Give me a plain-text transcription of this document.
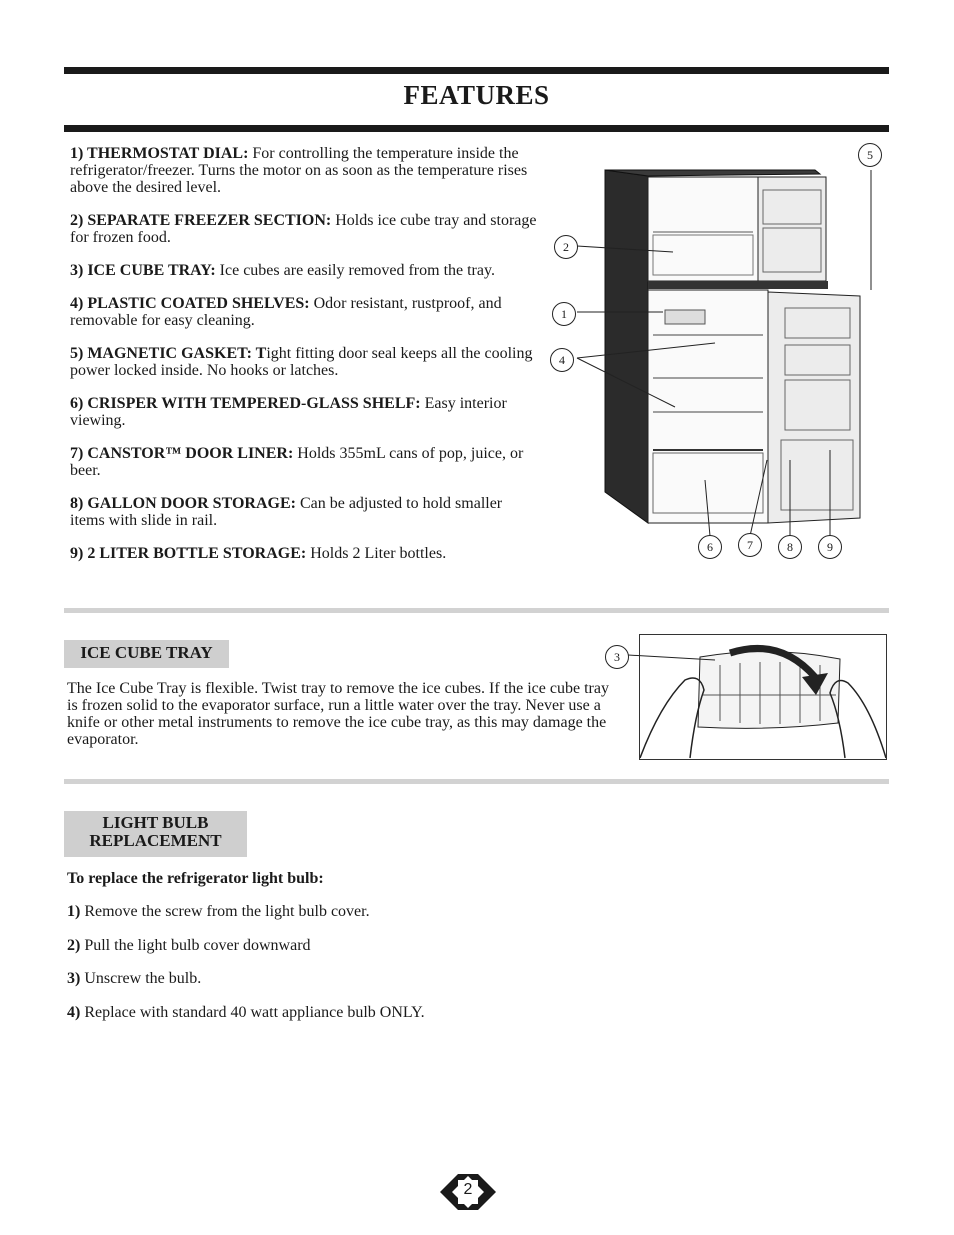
FEATURES

1) THERMOSTAT DIAL: For controlling the temperature inside the refrigerator/freezer. Turns the motor on as soon as the temperature rises above the desired level.

2) SEPARATE FREEZER SECTION: Holds ice cube tray and storage for frozen food.

3) ICE CUBE TRAY: Ice cubes are easily removed from the tray.

4) PLASTIC COATED SHELVES: Odor resistant, rustproof, and removable for easy cleaning.

5) MAGNETIC GASKET: Tight fitting door seal keeps all the cooling power locked inside. No hooks or latches.

6) CRISPER WITH TEMPERED-GLASS SHELF: Easy interior viewing.

7) CANSTOR™ DOOR LINER: Holds 355mL cans of pop, juice, or beer.

8) GALLON DOOR STORAGE: Can be adjusted to hold smaller items with slide in rail.

9) 2 LITER BOTTLE STORAGE: Holds 2 Liter bottles.

5
2
1
4
6	7	8	9
ICE CUBE TRAY
The Ice Cube Tray is flexible. Twist tray to remove the ice cubes. If the ice cube tray is frozen solid to the evaporator surface, run a little water over the tray. Never use a knife or other metal instruments to remove the ice cube tray, as this may damage the evaporator.
3
LIGHT BULB
REPLACEMENT
To replace the refrigerator light bulb:
1) Remove the screw from the light bulb cover.
2) Pull the light bulb cover downward
3) Unscrew the bulb.
4) Replace with standard 40 watt appliance bulb ONLY.
2
